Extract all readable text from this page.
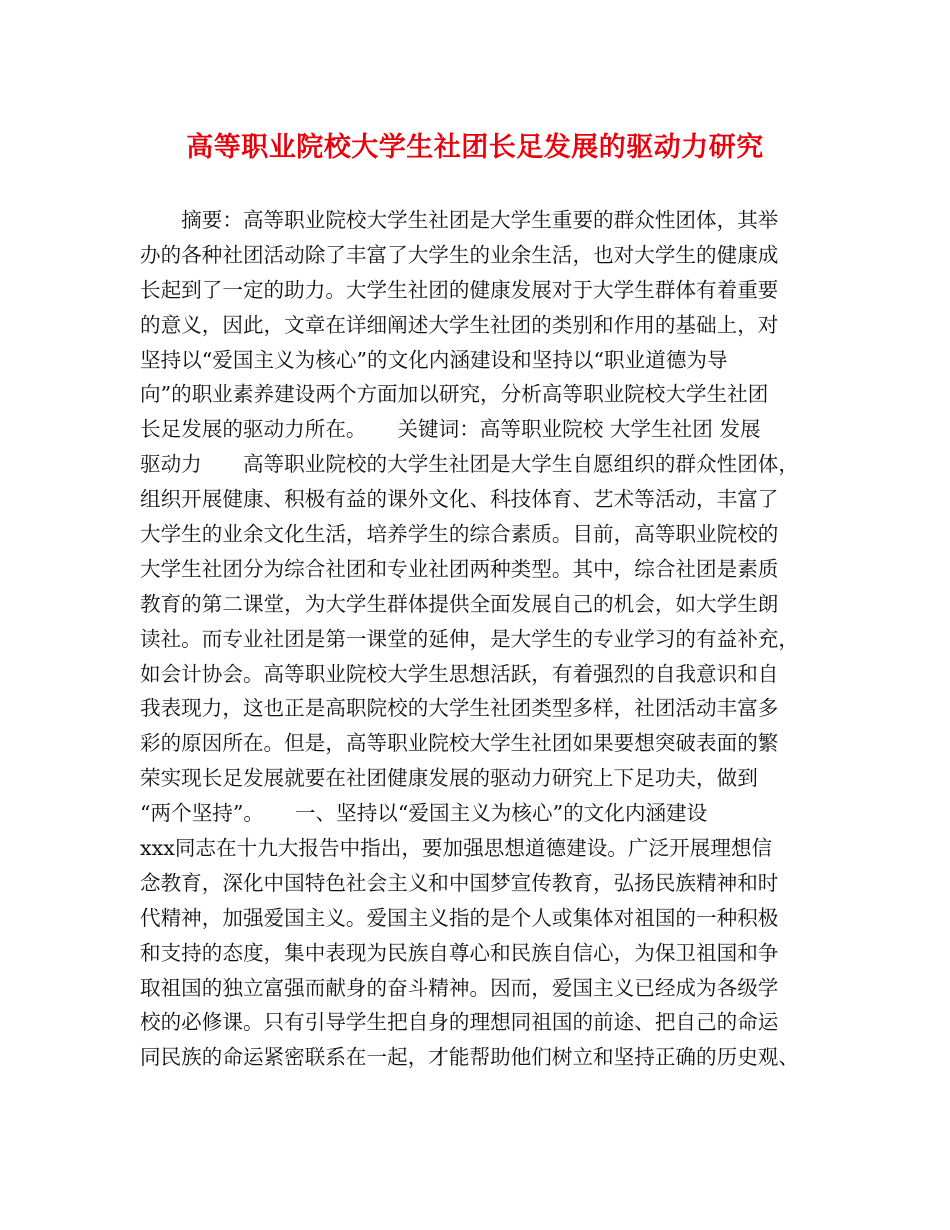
高等职业院校大学生社团长足发展的驱动力研究
　　摘要：高等职业院校大学生社团是大学生重要的群众性团体，其举
办的各种社团活动除了丰富了大学生的业余生活，也对大学生的健康成
长起到了一定的助力。大学生社团的健康发展对于大学生群体有着重要
的意义，因此，文章在详细阐述大学生社团的类别和作用的基础上，对
坚持以“爱国主义为核心”的文化内涵建设和坚持以“职业道德为导
向”的职业素养建设两个方面加以研究，分析高等职业院校大学生社团
长足发展的驱动力所在。　　关键词：高等职业院校 大学生社团 发展
驱动力　　高等职业院校的大学生社团是大学生自愿组织的群众性团体，
组织开展健康、积极有益的课外文化、科技体育、艺术等活动，丰富了
大学生的业余文化生活，培养学生的综合素质。目前，高等职业院校的
大学生社团分为综合社团和专业社团两种类型。其中，综合社团是素质
教育的第二课堂，为大学生群体提供全面发展自己的机会，如大学生朗
读社。而专业社团是第一课堂的延伸，是大学生的专业学习的有益补充，
如会计协会。高等职业院校大学生思想活跃，有着强烈的自我意识和自
我表现力，这也正是高职院校的大学生社团类型多样，社团活动丰富多
彩的原因所在。但是，高等职业院校大学生社团如果要想突破表面的繁
荣实现长足发展就要在社团健康发展的驱动力研究上下足功夫，做到
“两个坚持”。　　一、坚持以“爱国主义为核心”的文化内涵建设
xxx同志在十九大报告中指出，要加强思想道德建设。广泛开展理想信
念教育，深化中国特色社会主义和中国梦宣传教育，弘扬民族精神和时
代精神，加强爱国主义。爱国主义指的是个人或集体对祖国的一种积极
和支持的态度，集中表现为民族自尊心和民族自信心，为保卫祖国和争
取祖国的独立富强而献身的奋斗精神。因而，爱国主义已经成为各级学
校的必修课。只有引导学生把自身的理想同祖国的前途、把自己的命运
同民族的命运紧密联系在一起，才能帮助他们树立和坚持正确的历史观、
